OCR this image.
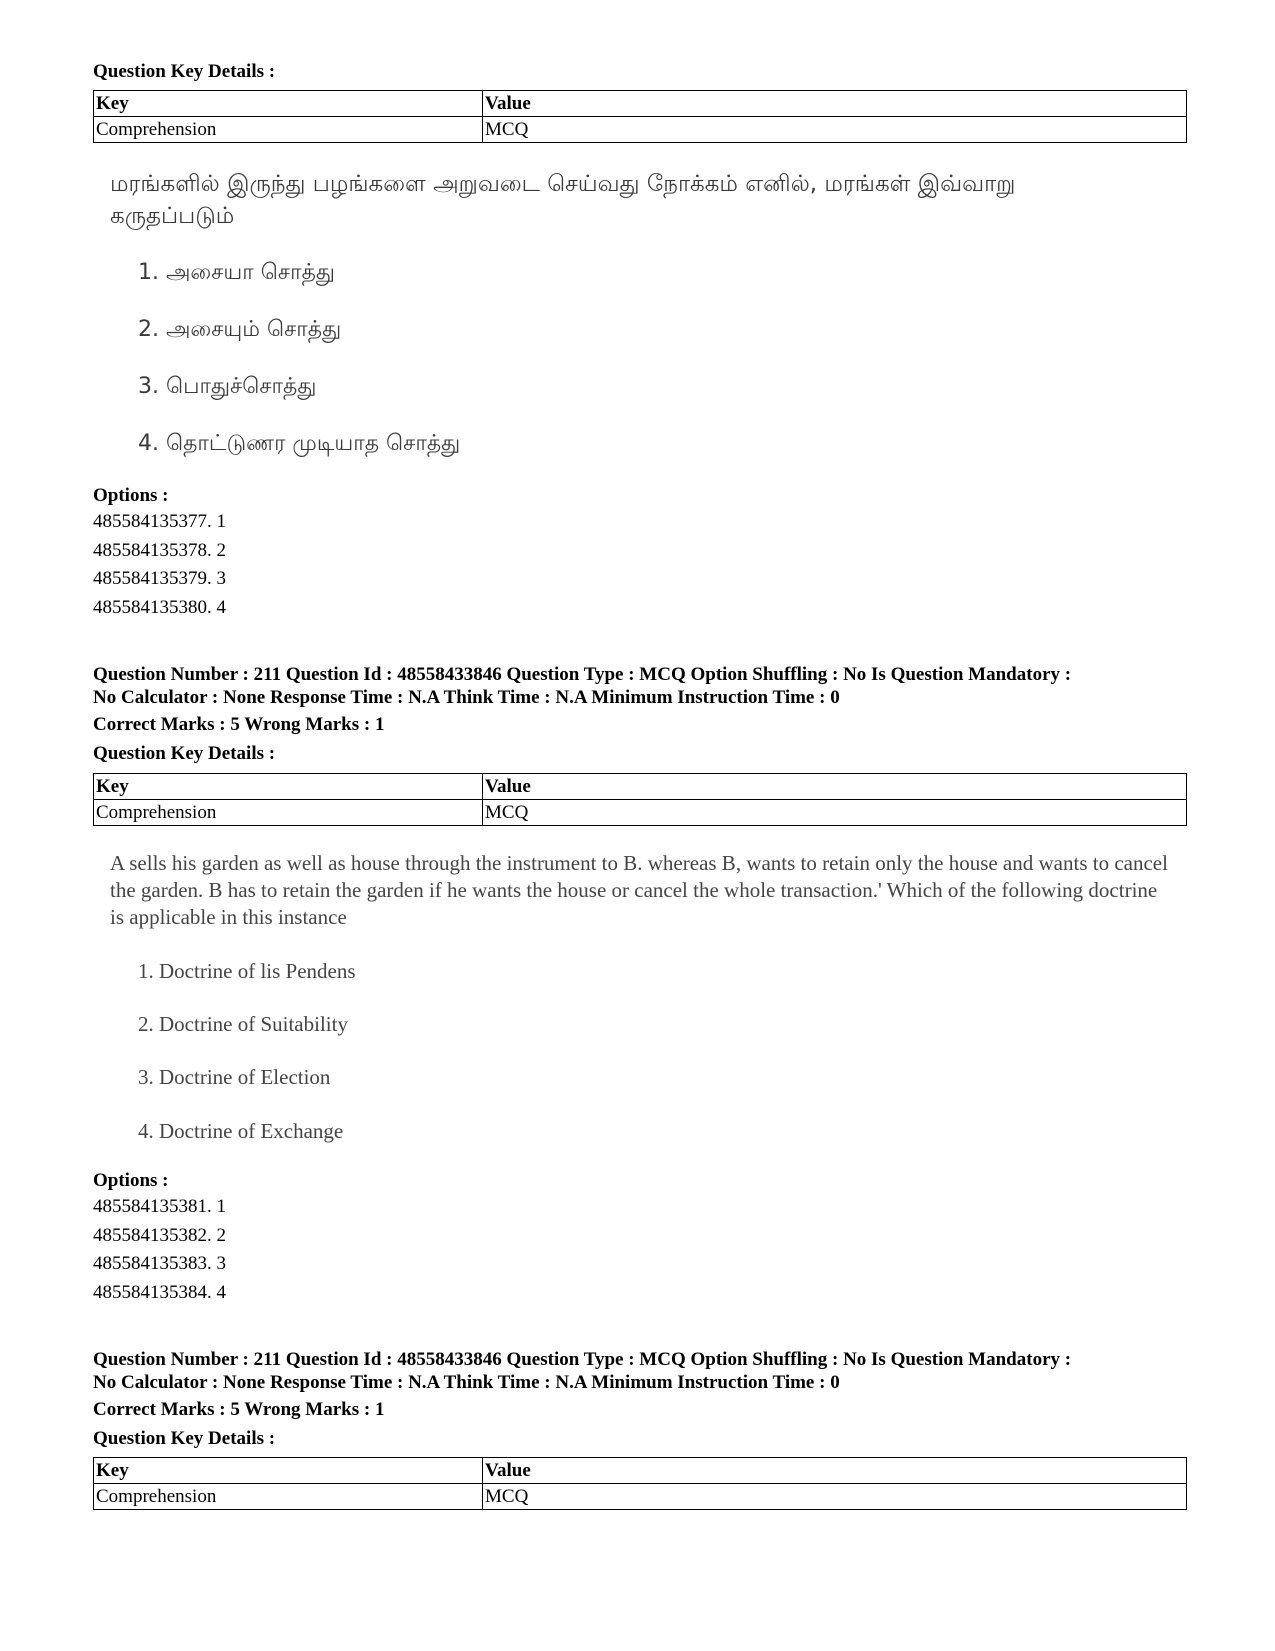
Question Key Details :
Key	Value
Comprehension	MCQ
மரங்களில் இருந்து பழங்களை அறுவடை செய்வது நோக்கம் எனில், மரங்கள் இவ்வாறு கருதப்படும்
1. அசையா சொத்து
2. அசையும் சொத்து
3. பொதுச்சொத்து
4. தொட்டுணர முடியாத சொத்து
Options :
485584135377. 1
485584135378. 2
485584135379. 3
485584135380. 4
Question Number : 211 Question Id : 48558433846 Question Type : MCQ Option Shuffling : No Is Question Mandatory :
No Calculator : None Response Time : N.A Think Time : N.A Minimum Instruction Time : 0
Correct Marks : 5 Wrong Marks : 1
Question Key Details :
Key	Value
Comprehension	MCQ
A sells his garden as well as house through the instrument to B. whereas B, wants to retain only the house and wants to cancel the garden. B has to retain the garden if he wants the house or cancel the whole transaction.' Which of the following doctrine is applicable in this instance
1. Doctrine of lis Pendens
2. Doctrine of Suitability
3. Doctrine of Election
4. Doctrine of Exchange
Options :
485584135381. 1
485584135382. 2
485584135383. 3
485584135384. 4
Question Number : 211 Question Id : 48558433846 Question Type : MCQ Option Shuffling : No Is Question Mandatory :
No Calculator : None Response Time : N.A Think Time : N.A Minimum Instruction Time : 0
Correct Marks : 5 Wrong Marks : 1
Question Key Details :
Key	Value
Comprehension	MCQ
